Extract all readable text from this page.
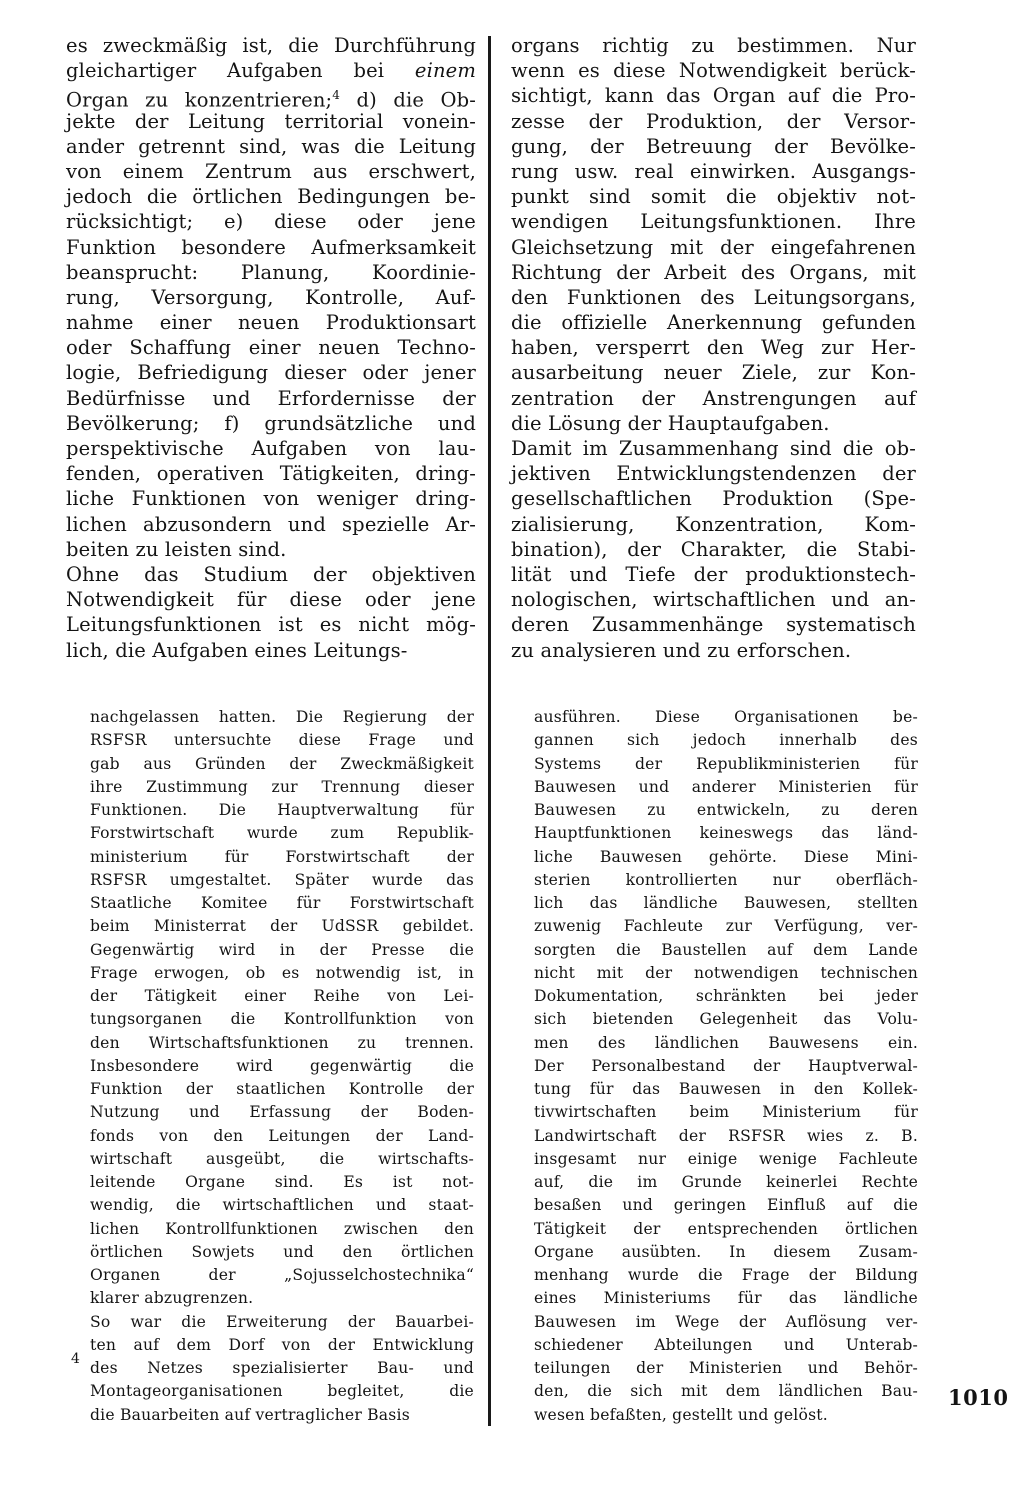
es zweckmäßig ist, die Durchführung
gleichartiger Aufgaben bei einem
Organ zu konzentrieren;$^4$ d) die Ob-
jekte der Leitung territorial vonein-
ander getrennt sind, was die Leitung
von einem Zentrum aus erschwert,
jedoch die örtlichen Bedingungen be-
rücksichtigt; e) diese oder jene
Funktion besondere Aufmerksamkeit
beansprucht: Planung, Koordinie-
rung, Versorgung, Kontrolle, Auf-
nahme einer neuen Produktionsart
oder Schaffung einer neuen Techno-
logie, Befriedigung dieser oder jener
Bedürfnisse und Erfordernisse der
Bevölkerung; f) grundsätzliche und
perspektivische Aufgaben von lau-
fenden, operativen Tätigkeiten, dring-
liche Funktionen von weniger dring-
lichen abzusondern und spezielle Ar-
beiten zu leisten sind.
Ohne das Studium der objektiven
Notwendigkeit für diese oder jene
Leitungsfunktionen ist es nicht mög-
lich, die Aufgaben eines Leitungs-
organs richtig zu bestimmen. Nur
wenn es diese Notwendigkeit berück-
sichtigt, kann das Organ auf die Pro-
zesse der Produktion, der Versor-
gung, der Betreuung der Bevölke-
rung usw. real einwirken. Ausgangs-
punkt sind somit die objektiv not-
wendigen Leitungsfunktionen. Ihre
Gleichsetzung mit der eingefahrenen
Richtung der Arbeit des Organs, mit
den Funktionen des Leitungsorgans,
die offizielle Anerkennung gefunden
haben, versperrt den Weg zur Her-
ausarbeitung neuer Ziele, zur Kon-
zentration der Anstrengungen auf
die Lösung der Hauptaufgaben.
Damit im Zusammenhang sind die ob-
jektiven Entwicklungstendenzen der
gesellschaftlichen Produktion (Spe-
zialisierung, Konzentration, Kom-
bination), der Charakter, die Stabi-
lität und Tiefe der produktionstech-
nologischen, wirtschaftlichen und an-
deren Zusammenhänge systematisch
zu analysieren und zu erforschen.
nachgelassen hatten. Die Regierung der
RSFSR untersuchte diese Frage und
gab aus Gründen der Zweckmäßigkeit
ihre Zustimmung zur Trennung dieser
Funktionen. Die Hauptverwaltung für
Forstwirtschaft wurde zum Republik-
ministerium für Forstwirtschaft der
RSFSR umgestaltet. Später wurde das
Staatliche Komitee für Forstwirtschaft
beim Ministerrat der UdSSR gebildet.
Gegenwärtig wird in der Presse die
Frage erwogen, ob es notwendig ist, in
der Tätigkeit einer Reihe von Lei-
tungsorganen die Kontrollfunktion von
den Wirtschaftsfunktionen zu trennen.
Insbesondere wird gegenwärtig die
Funktion der staatlichen Kontrolle der
Nutzung und Erfassung der Boden-
fonds von den Leitungen der Land-
wirtschaft ausgeübt, die wirtschafts-
leitende Organe sind. Es ist not-
wendig, die wirtschaftlichen und staat-
lichen Kontrollfunktionen zwischen den
örtlichen Sowjets und den örtlichen
Organen der „Sojusselchostechnika“
klarer abzugrenzen.
So war die Erweiterung der Bauarbei-
ten auf dem Dorf von der Entwicklung
des Netzes spezialisierter Bau- und
Montageorganisationen begleitet, die
die Bauarbeiten auf vertraglicher Basis
4
ausführen. Diese Organisationen be-
gannen sich jedoch innerhalb des
Systems der Republikministerien für
Bauwesen und anderer Ministerien für
Bauwesen zu entwickeln, zu deren
Hauptfunktionen keineswegs das länd-
liche Bauwesen gehörte. Diese Mini-
sterien kontrollierten nur oberfläch-
lich das ländliche Bauwesen, stellten
zuwenig Fachleute zur Verfügung, ver-
sorgten die Baustellen auf dem Lande
nicht mit der notwendigen technischen
Dokumentation, schränkten bei jeder
sich bietenden Gelegenheit das Volu-
men des ländlichen Bauwesens ein.
Der Personalbestand der Hauptverwal-
tung für das Bauwesen in den Kollek-
tivwirtschaften beim Ministerium für
Landwirtschaft der RSFSR wies z. B.
insgesamt nur einige wenige Fachleute
auf, die im Grunde keinerlei Rechte
besaßen und geringen Einfluß auf die
Tätigkeit der entsprechenden örtlichen
Organe ausübten. In diesem Zusam-
menhang wurde die Frage der Bildung
eines Ministeriums für das ländliche
Bauwesen im Wege der Auflösung ver-
schiedener Abteilungen und Unterab-
teilungen der Ministerien und Behör-
den, die sich mit dem ländlichen Bau-
wesen befaßten, gestellt und gelöst.
1010
